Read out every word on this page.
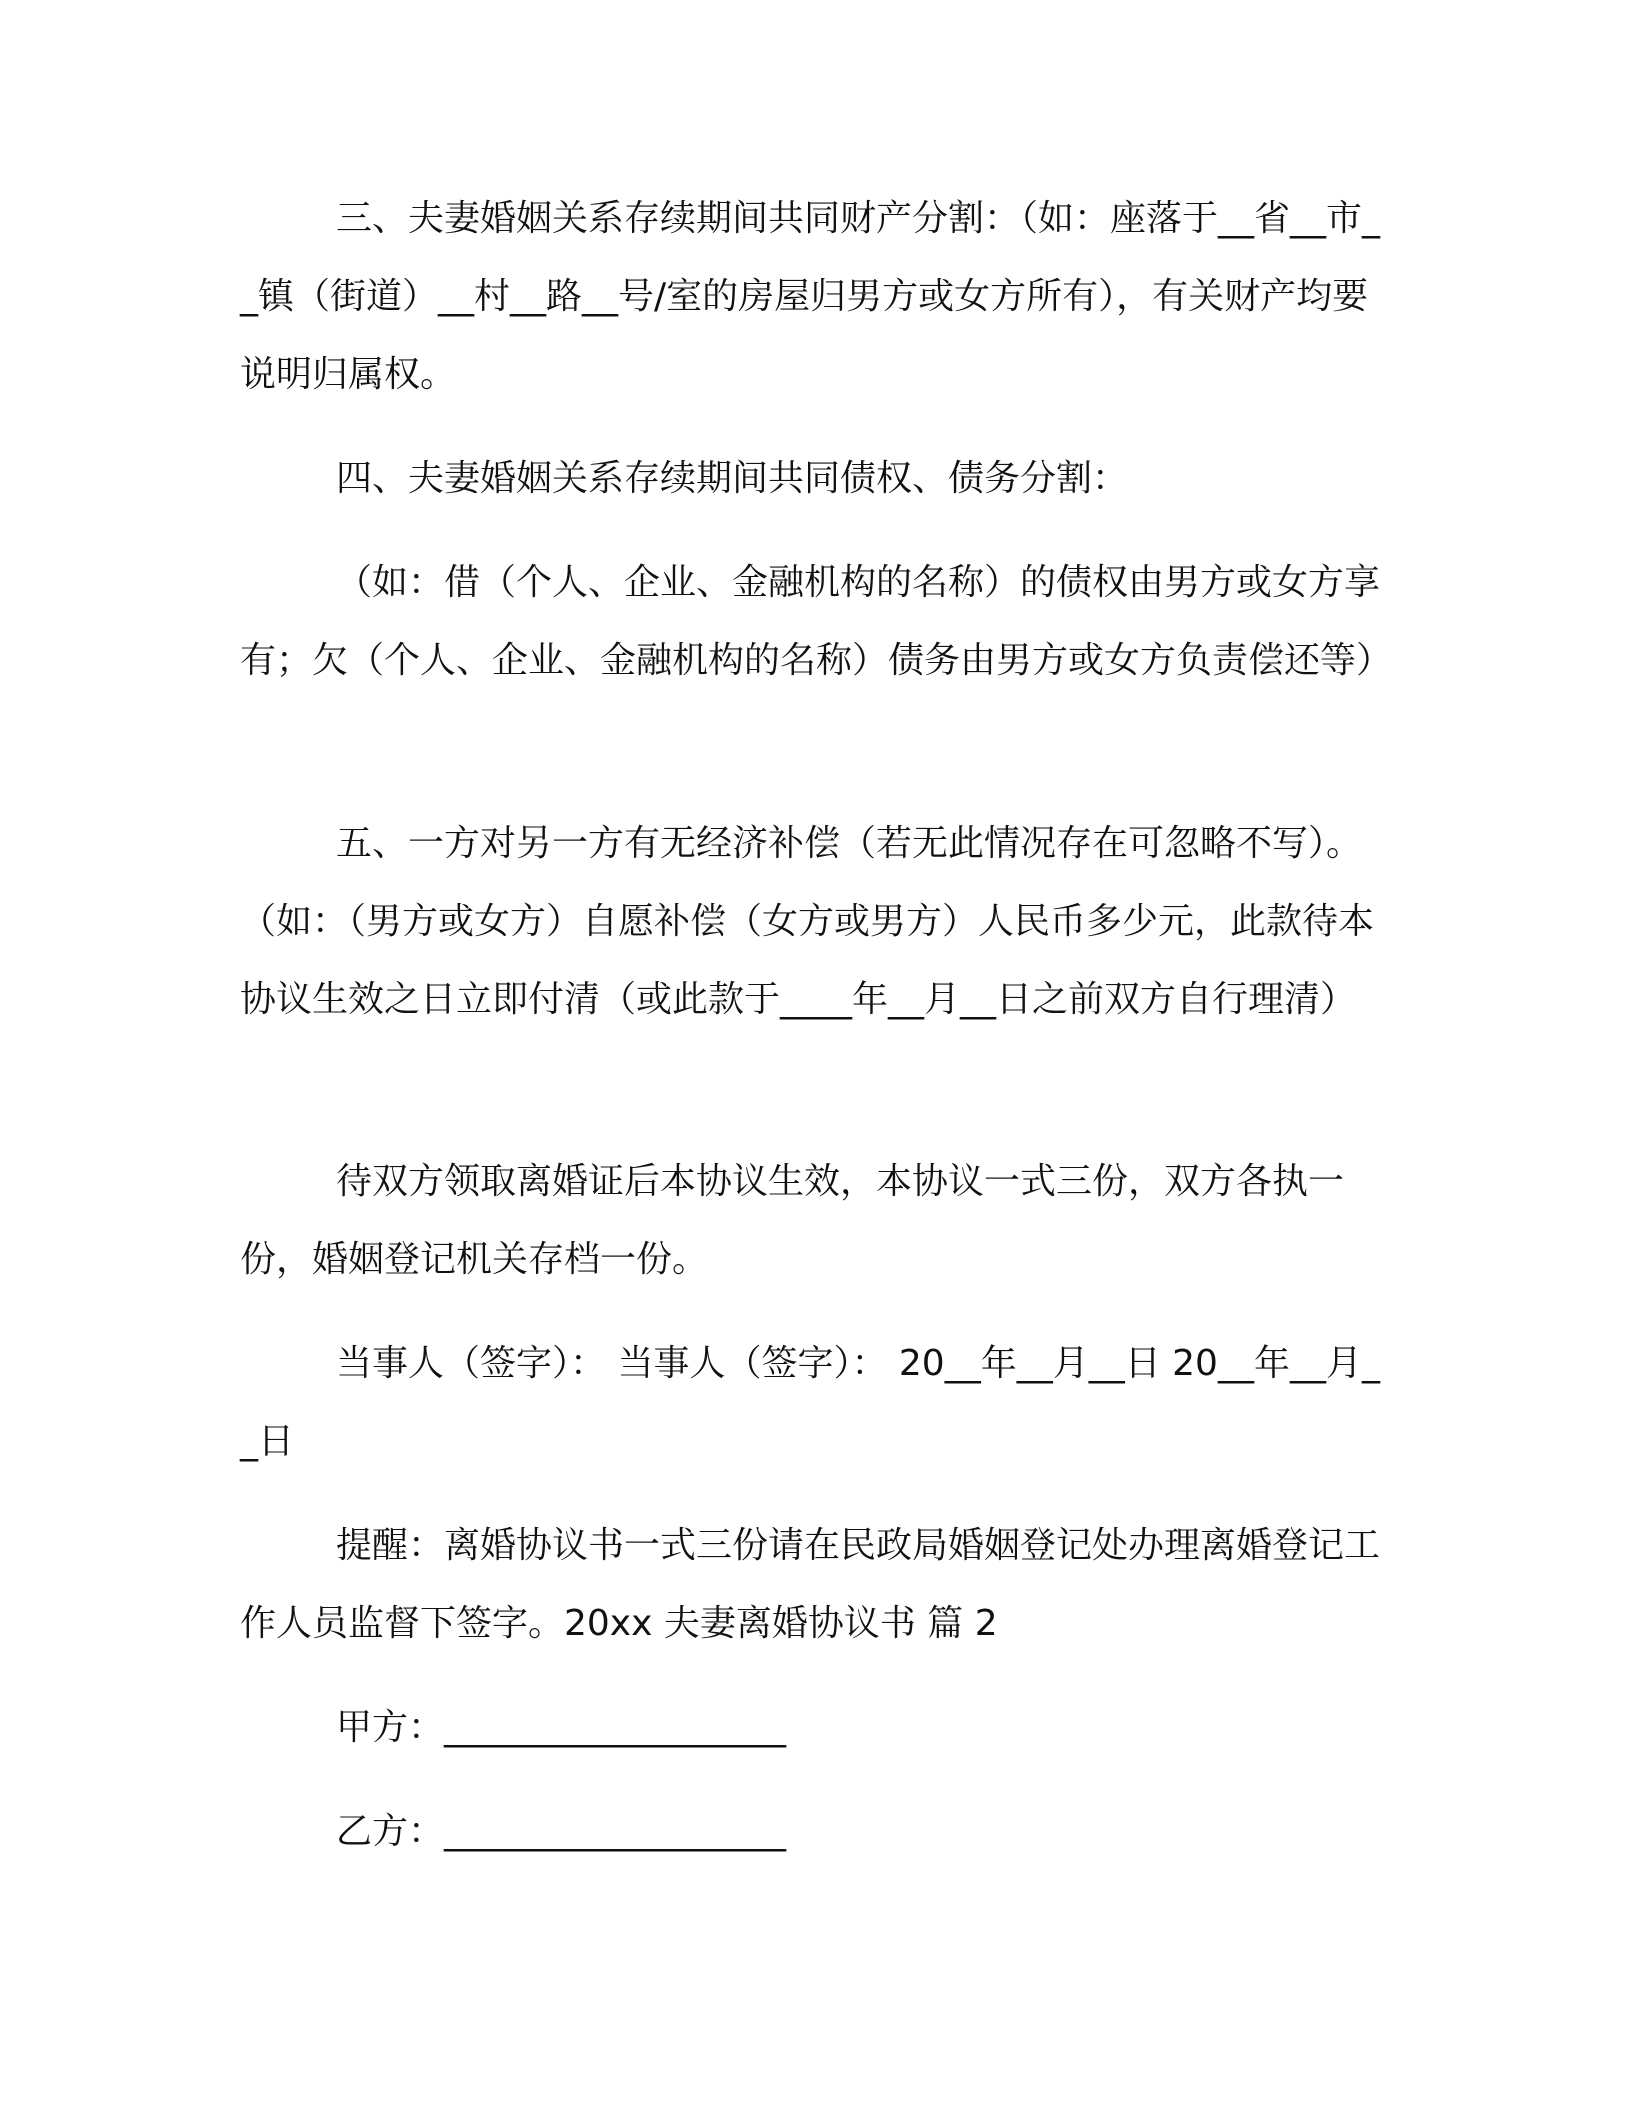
三、夫妻婚姻关系存续期间共同财产分割：（如：座落于__省__市__镇（街道）__村__路__号/室的房屋归男方或女方所有），有关财产均要说明归属权。

四、夫妻婚姻关系存续期间共同债权、债务分割：

（如：借（个人、企业、金融机构的名称）的债权由男方或女方享有；欠（个人、企业、金融机构的名称）债务由男方或女方负责偿还等）

五、一方对另一方有无经济补偿（若无此情况存在可忽略不写）。（如：（男方或女方）自愿补偿（女方或男方）人民币多少元，此款待本协议生效之日立即付清（或此款于____年__月__日之前双方自行理清）

待双方领取离婚证后本协议生效，本协议一式三份，双方各执一份，婚姻登记机关存档一份。

当事人（签字）： 当事人（签字）： 20__年__月__日 20__年__月__日

提醒：离婚协议书一式三份请在民政局婚姻登记处办理离婚登记工作人员监督下签字。20xx 夫妻离婚协议书 篇 2

甲方：___________________

乙方：___________________
